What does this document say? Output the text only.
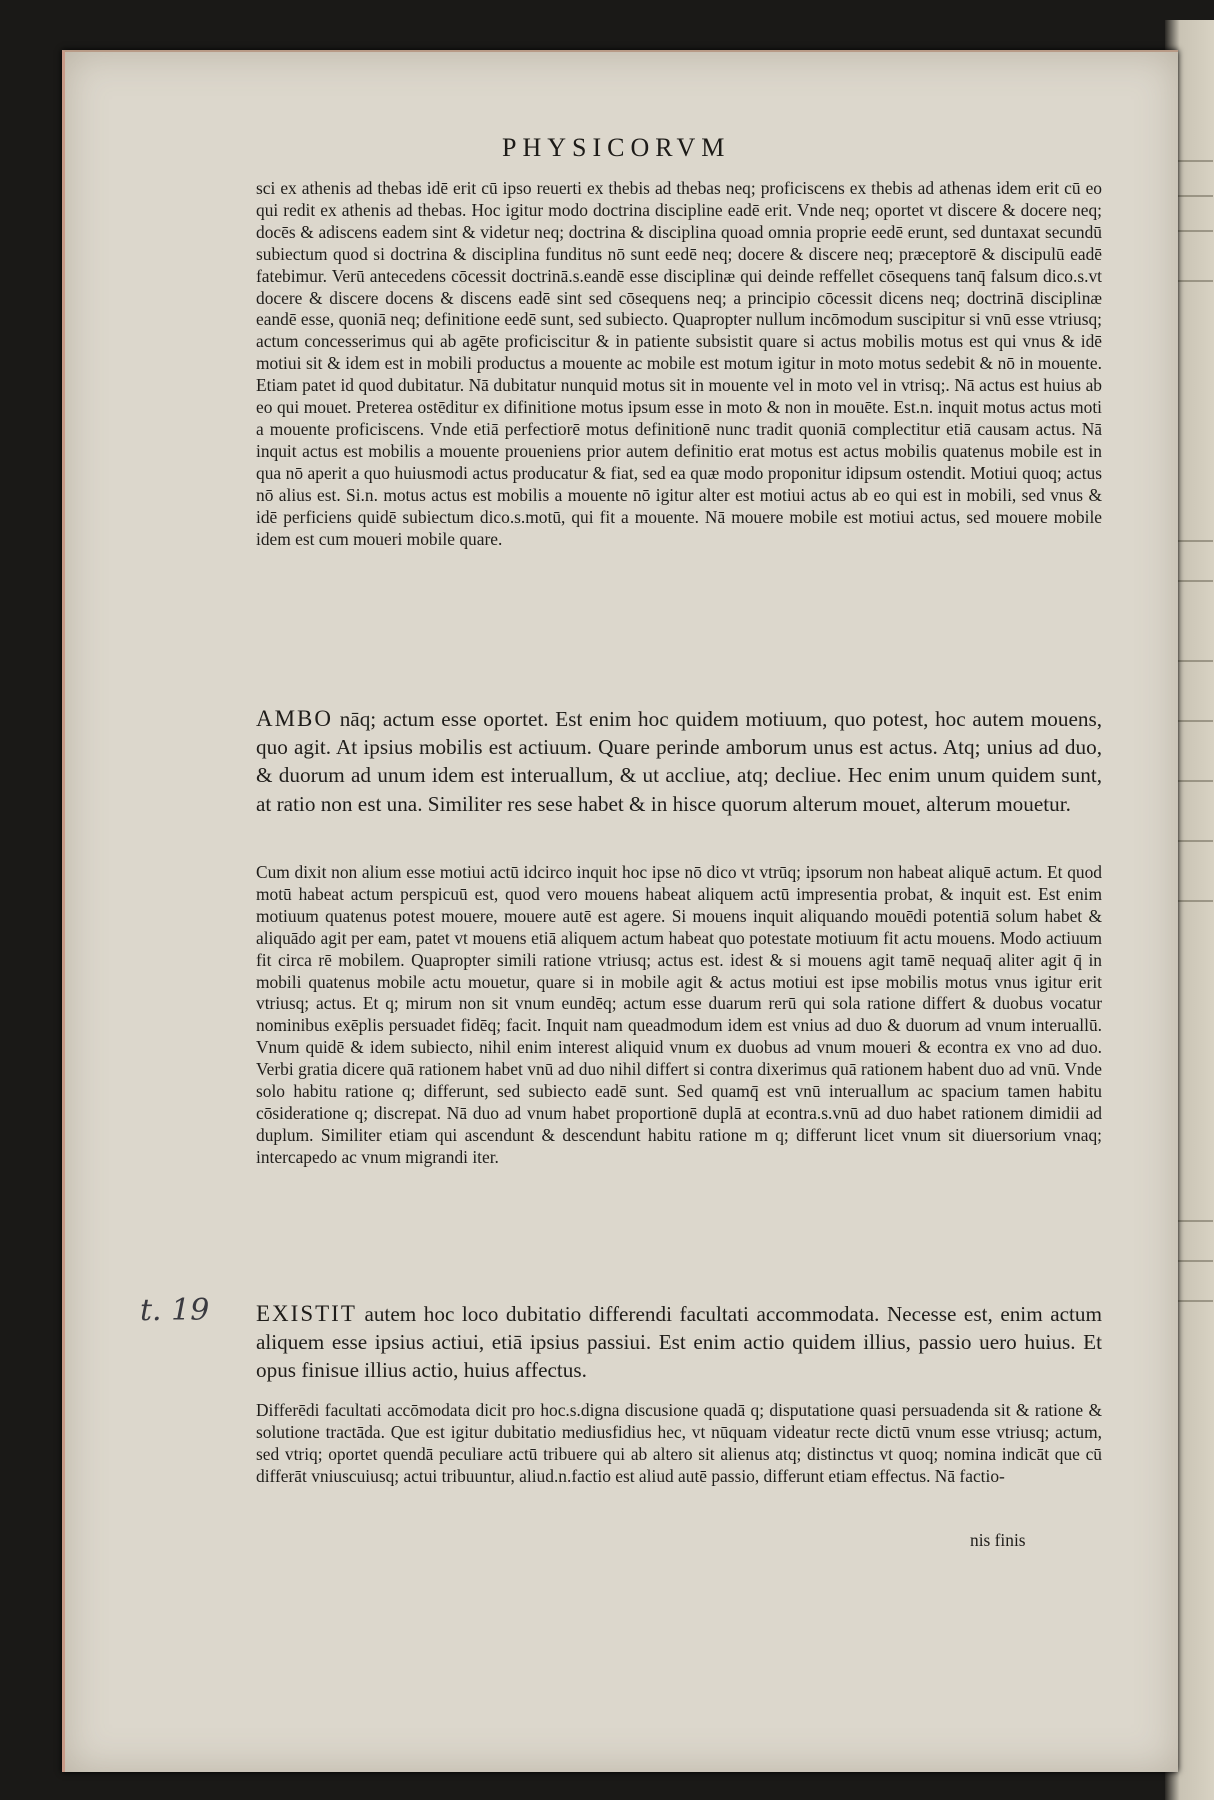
PHYSICORVM
sci ex athenis ad thebas idē erit cū ipso reuerti ex thebis ad thebas neq; proficiscens ex thebis ad athenas idem erit cū eo qui redit ex athenis ad thebas. Hoc igitur modo doctrina discipline eadē erit. Vnde neq; oportet vt discere & docere neq; docēs & adiscens eadem sint & videtur neq; doctrina & disciplina quoad omnia proprie eedē erunt, sed duntaxat secundū subiectum quod si doctrina & disciplina funditus nō sunt eedē neq; docere & discere neq; præceptorē & discipulū eadē fatebimur. Verū antecedens cōcessit doctrinā.s.eandē esse disciplinæ qui deinde reffellet cōsequens tanq̄ falsum dico.s.vt docere & discere docens & discens eadē sint sed cōsequens neq; a principio cōcessit dicens neq; doctrinā disciplinæ eandē esse, quoniā neq; definitione eedē sunt, sed subiecto. Quapropter nullum incōmodum suscipitur si vnū esse vtriusq; actum concesserimus qui ab agēte proficiscitur & in patiente subsistit quare si actus mobilis motus est qui vnus & idē motiui sit & idem est in mobili productus a mouente ac mobile est motum igitur in moto motus sedebit & nō in mouente. Etiam patet id quod dubitatur. Nā dubitatur nunquid motus sit in mouente vel in moto vel in vtrisq;. Nā actus est huius ab eo qui mouet. Preterea ostēditur ex difinitione motus ipsum esse in moto & non in mouēte. Est.n. inquit motus actus moti a mouente proficiscens. Vnde etiā perfectiorē motus definitionē nunc tradit quoniā complectitur etiā causam actus. Nā inquit actus est mobilis a mouente proueniens prior autem definitio erat motus est actus mobilis quatenus mobile est in qua nō aperit a quo huiusmodi actus producatur & fiat, sed ea quæ modo proponitur idipsum ostendit. Motiui quoq; actus nō alius est. Si.n. motus actus est mobilis a mouente nō igitur alter est motiui actus ab eo qui est in mobili, sed vnus & idē perficiens quidē subiectum dico.s.motū, qui fit a mouente. Nā mouere mobile est motiui actus, sed mouere mobile idem est cum moueri mobile quare.
AMBO nāq; actum esse oportet. Est enim hoc quidem motiuum, quo potest, hoc autem mouens, quo agit. At ipsius mobilis est actiuum. Quare perinde amborum unus est actus. Atq; unius ad duo, & duorum ad unum idem est interuallum, & ut accliue, atq; decliue. Hec enim unum quidem sunt, at ratio non est una. Similiter res sese habet & in hisce quorum alterum mouet, alterum mouetur.
Cum dixit non alium esse motiui actū idcirco inquit hoc ipse nō dico vt vtrūq; ipsorum non habeat aliquē actum. Et quod motū habeat actum perspicuū est, quod vero mouens habeat aliquem actū impresentia probat, & inquit est. Est enim motiuum quatenus potest mouere, mouere autē est agere. Si mouens inquit aliquando mouēdi potentiā solum habet & aliquādo agit per eam, patet vt mouens etiā aliquem actum habeat quo potestate motiuum fit actu mouens. Modo actiuum fit circa rē mobilem. Quapropter simili ratione vtriusq; actus est. idest & si mouens agit tamē nequaq̄ aliter agit q̄ in mobili quatenus mobile actu mouetur, quare si in mobile agit & actus motiui est ipse mobilis motus vnus igitur erit vtriusq; actus. Et q; mirum non sit vnum eundēq; actum esse duarum rerū qui sola ratione differt & duobus vocatur nominibus exēplis persuadet fidēq; facit. Inquit nam queadmodum idem est vnius ad duo & duorum ad vnum interuallū. Vnum quidē & idem subiecto, nihil enim interest aliquid vnum ex duobus ad vnum moueri & econtra ex vno ad duo. Verbi gratia dicere quā rationem habet vnū ad duo nihil differt si contra dixerimus quā rationem habent duo ad vnū. Vnde solo habitu ratione q; differunt, sed subiecto eadē sunt. Sed quamq̄ est vnū interuallum ac spacium tamen habitu cōsideratione q; discrepat. Nā duo ad vnum habet proportionē duplā at econtra.s.vnū ad duo habet rationem dimidii ad duplum. Similiter etiam qui ascendunt & descendunt habitu ratione m q; differunt licet vnum sit diuersorium vnaq; intercapedo ac vnum migrandi iter.
t. 19 EXISTIT autem hoc loco dubitatio differendi facultati accommodata. Necesse est, enim actum aliquem esse ipsius actiui, etiā ipsius passiui. Est enim actio quidem illius, passio uero huius. Et opus finisue illius actio, huius affectus.
Differēdi facultati accōmodata dicit pro hoc.s.digna discusione quadā q; disputatione quasi persuadenda sit & ratione & solutione tractāda. Que est igitur dubitatio mediusfidius hec, vt nūquam videatur recte dictū vnum esse vtriusq; actum, sed vtriq; oportet quendā peculiare actū tribuere qui ab altero sit alienus atq; distinctus vt quoq; nomina indicāt que cū differāt vniuscuiusq; actui tribuuntur, aliud.n.factio est aliud autē passio, differunt etiam effectus. Nā factio-
nis finis
